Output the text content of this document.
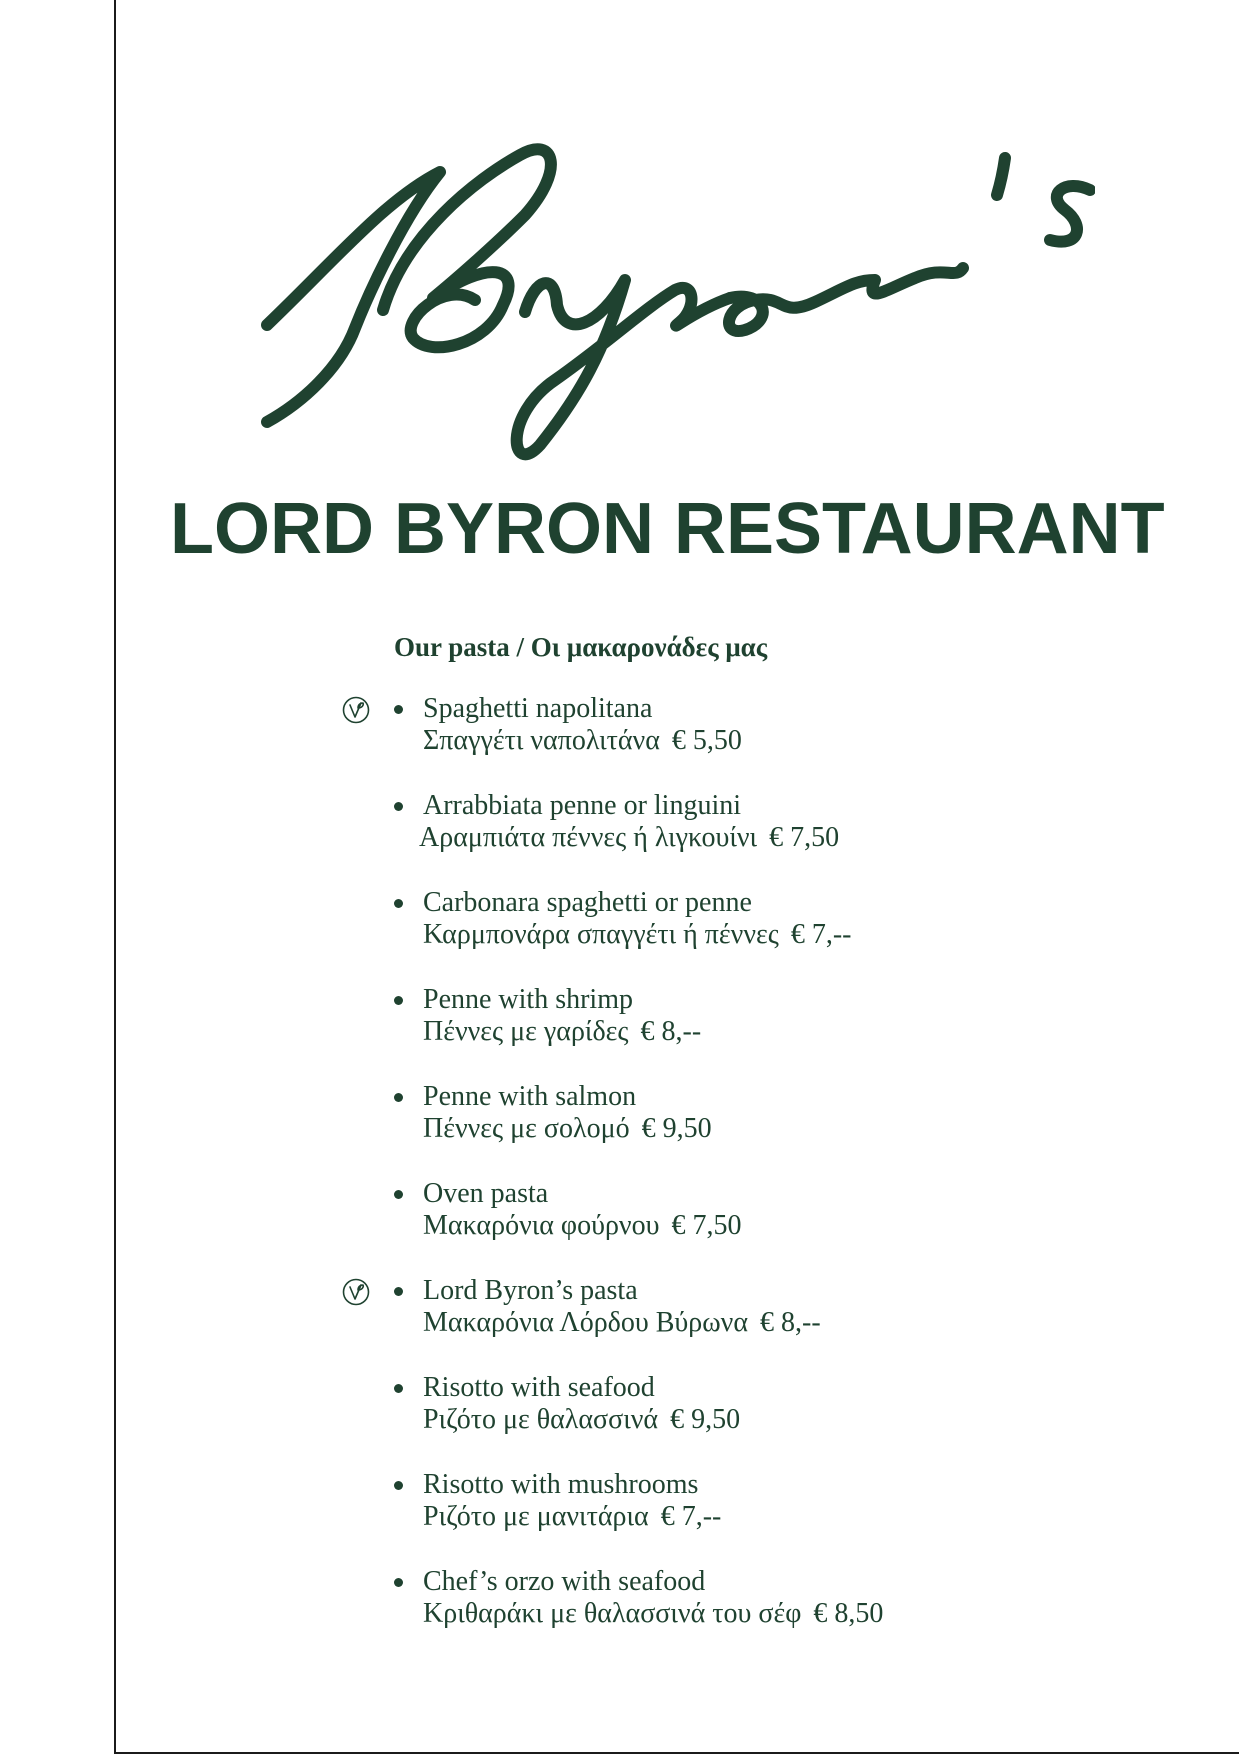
LORD BYRON RESTAURANT
Our pasta / Οι μακαρονάδες μας

Spaghetti napolitana

Σπαγγέτι ναπολιτάνα € 5,50

Arrabbiata penne or linguini

Αραμπιάτα πέννες ή λιγκουίνι € 7,50

Carbonara spaghetti or penne

Καρμπονάρα σπαγγέτι ή πέννες € 7,--

Penne with shrimp

Πέννες με γαρίδες € 8,--

Penne with salmon

Πέννες με σολομό € 9,50

Oven pasta

Μακαρόνια φούρνου € 7,50

Lord Byron’s pasta

Μακαρόνια Λόρδου Βύρωνα € 8,--

Risotto with seafood

Ριζότο με θαλασσινά € 9,50

Risotto with mushrooms

Ριζότο με μανιτάρια € 7,--

Chef’s orzo with seafood

Κριθαράκι με θαλασσινά του σέφ € 8,50
